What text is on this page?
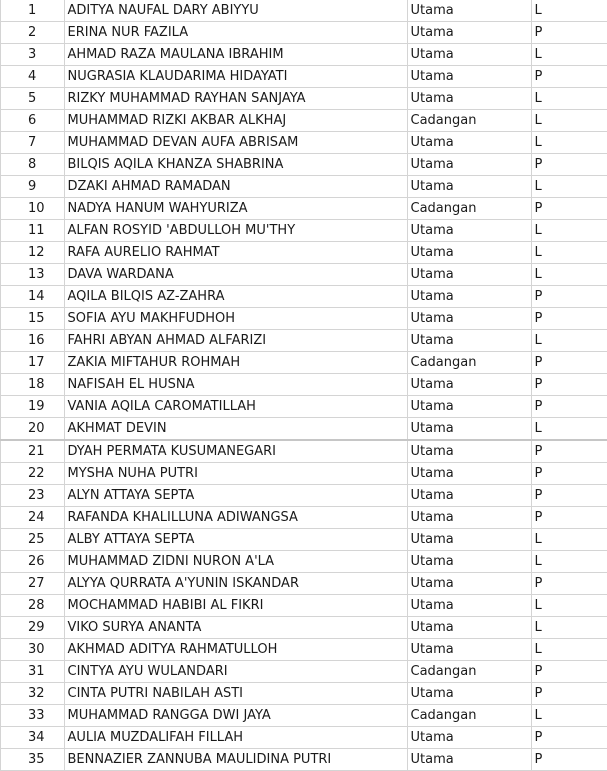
1	ADITYA NAUFAL DARY ABIYYU	Utama	L
2	ERINA NUR FAZILA	Utama	P
3	AHMAD RAZA MAULANA IBRAHIM	Utama	L
4	NUGRASIA KLAUDARIMA HIDAYATI	Utama	P
5	RIZKY MUHAMMAD RAYHAN SANJAYA	Utama	L
6	MUHAMMAD RIZKI AKBAR ALKHAJ	Cadangan	L
7	MUHAMMAD DEVAN AUFA ABRISAM	Utama	L
8	BILQIS AQILA KHANZA SHABRINA	Utama	P
9	DZAKI AHMAD RAMADAN	Utama	L
10	NADYA HANUM WAHYURIZA	Cadangan	P
11	ALFAN ROSYID 'ABDULLOH MU'THY	Utama	L
12	RAFA AURELIO RAHMAT	Utama	L
13	DAVA WARDANA	Utama	L
14	AQILA BILQIS AZ-ZAHRA	Utama	P
15	SOFIA AYU MAKHFUDHOH	Utama	P
16	FAHRI ABYAN AHMAD ALFARIZI	Utama	L
17	ZAKIA MIFTAHUR ROHMAH	Cadangan	P
18	NAFISAH EL HUSNA	Utama	P
19	VANIA AQILA CAROMATILLAH	Utama	P
20	AKHMAT DEVIN	Utama	L
21	DYAH PERMATA KUSUMANEGARI	Utama	P
22	MYSHA NUHA PUTRI	Utama	P
23	ALYN ATTAYA SEPTA	Utama	P
24	RAFANDA KHALILLUNA ADIWANGSA	Utama	P
25	ALBY ATTAYA SEPTA	Utama	L
26	MUHAMMAD ZIDNI NURON A'LA	Utama	L
27	ALYYA QURRATA A'YUNIN ISKANDAR	Utama	P
28	MOCHAMMAD HABIBI AL FIKRI	Utama	L
29	VIKO SURYA ANANTA	Utama	L
30	AKHMAD ADITYA RAHMATULLOH	Utama	L
31	CINTYA AYU WULANDARI	Cadangan	P
32	CINTA PUTRI NABILAH ASTI	Utama	P
33	MUHAMMAD RANGGA DWI JAYA	Cadangan	L
34	AULIA MUZDALIFAH FILLAH	Utama	P
35	BENNAZIER ZANNUBA MAULIDINA PUTRI	Utama	P
